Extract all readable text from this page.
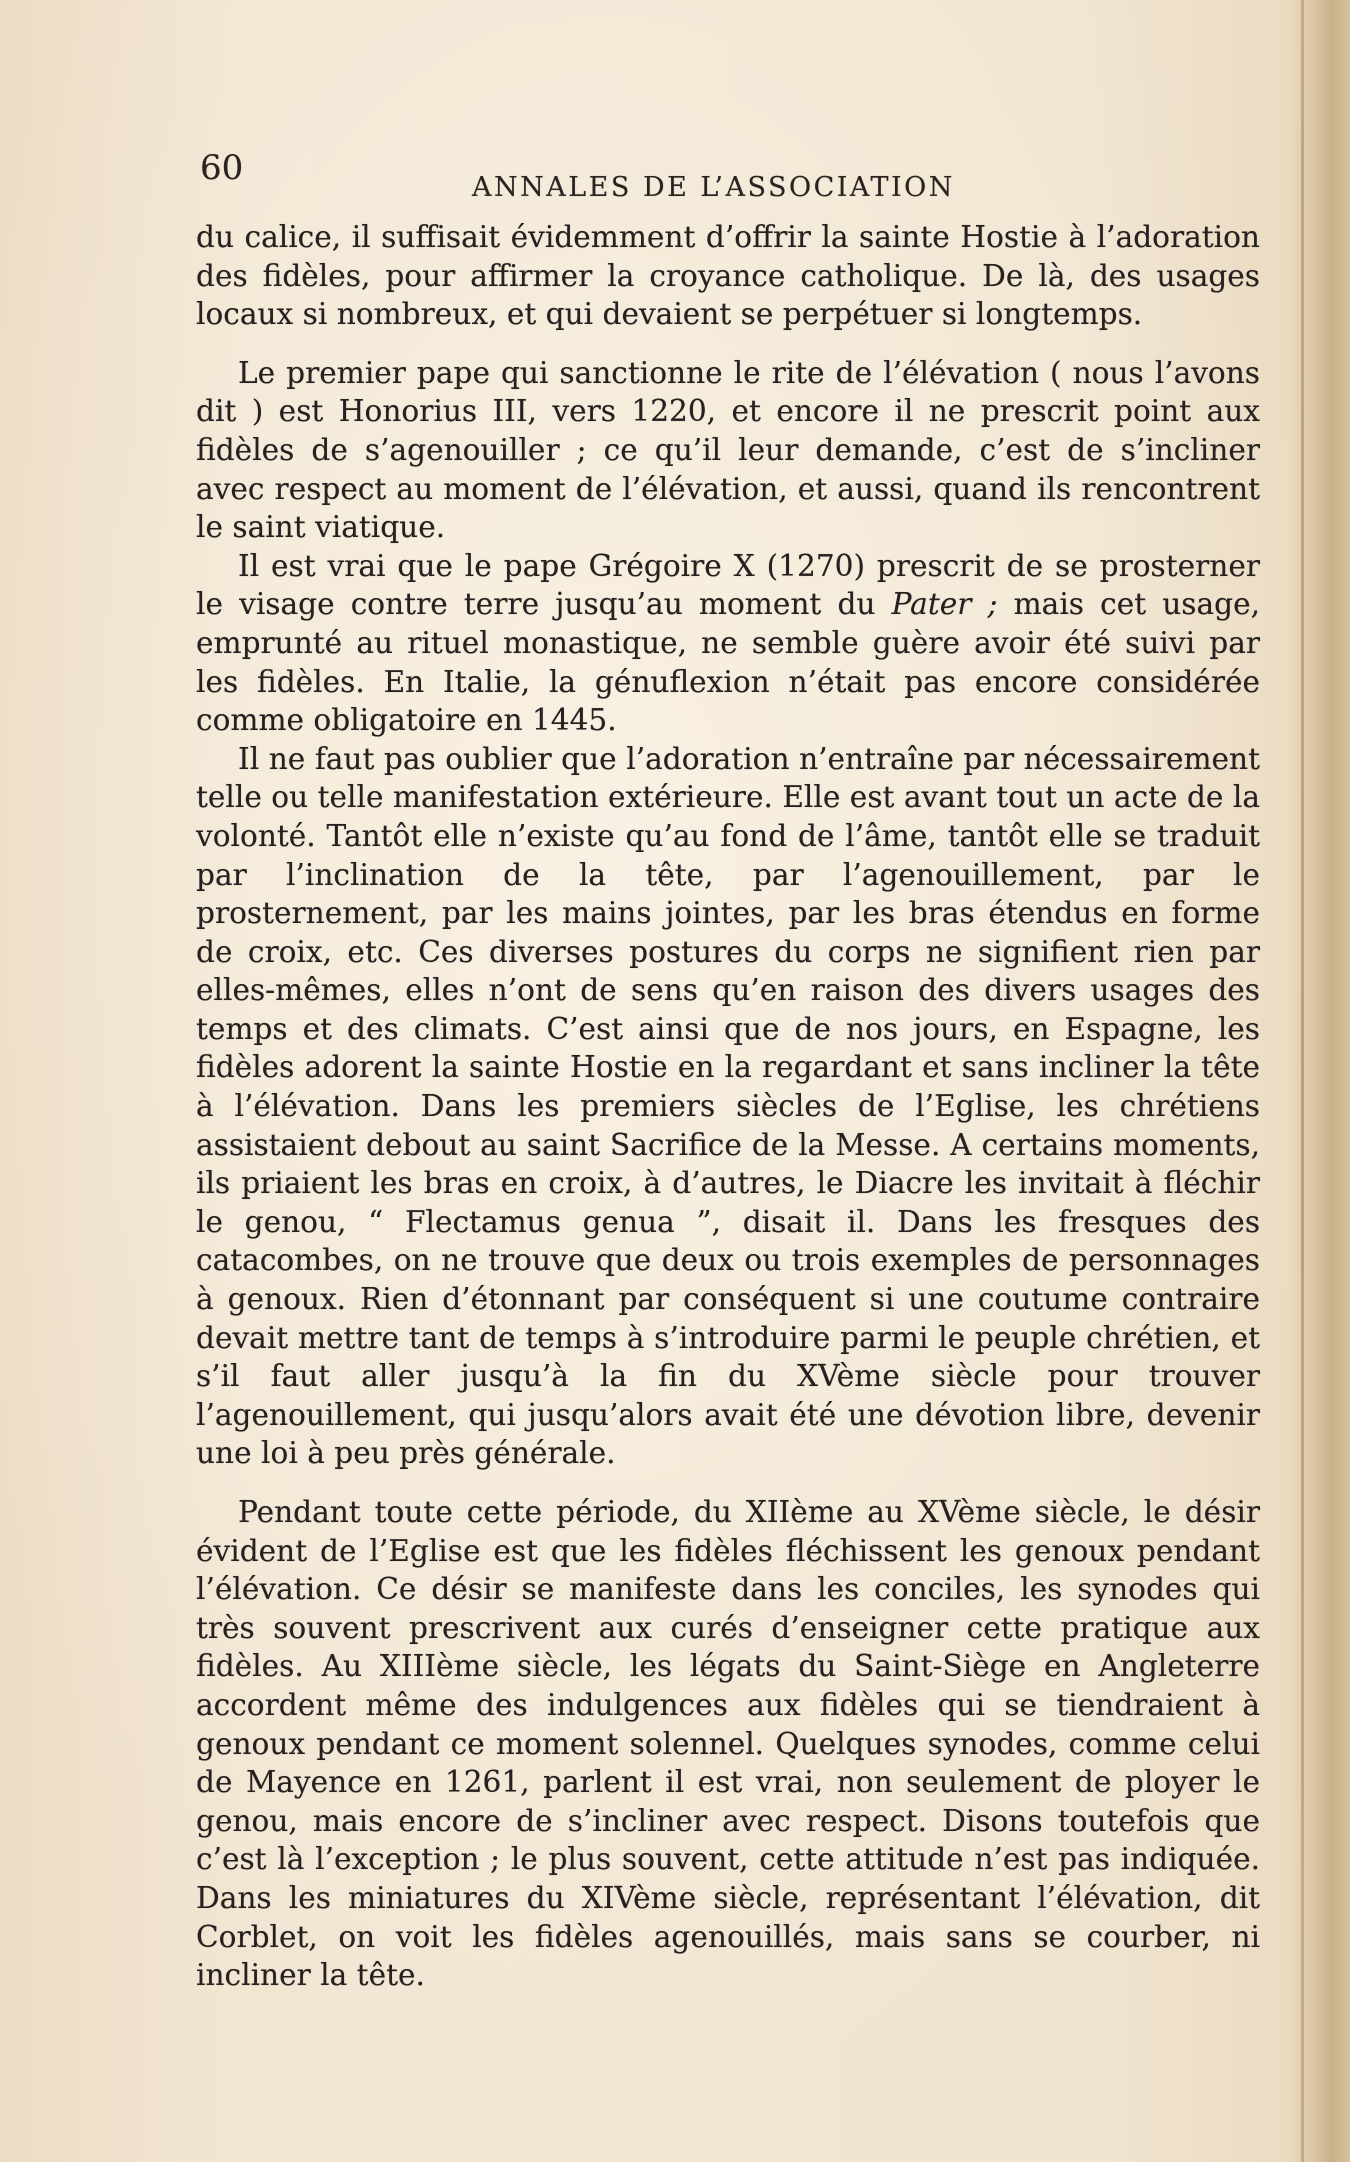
60	ANNALES DE L’ASSOCIATION

du calice, il suffisait évidemment d’offrir la sainte Hostie à l’adoration des fidèles, pour affirmer la croyance catholique. De là, des usages locaux si nombreux, et qui devaient se perpétuer si longtemps.

Le premier pape qui sanctionne le rite de l’élévation ( nous l’avons dit ) est Honorius III, vers 1220, et encore il ne prescrit point aux fidèles de s’agenouiller ; ce qu’il leur demande, c’est de s’incliner avec respect au moment de l’élévation, et aussi, quand ils rencontrent le saint viatique.

Il est vrai que le pape Grégoire X (1270) prescrit de se prosterner le visage contre terre jusqu’au moment du Pater ; mais cet usage, emprunté au rituel monastique, ne semble guère avoir été suivi par les fidèles. En Italie, la génuflexion n’était pas encore considérée comme obligatoire en 1445.

Il ne faut pas oublier que l’adoration n’entraîne par nécessairement telle ou telle manifestation extérieure. Elle est avant tout un acte de la volonté. Tantôt elle n’existe qu’au fond de l’âme, tantôt elle se traduit par l’inclination de la tête, par l’agenouillement, par le prosternement, par les mains jointes, par les bras étendus en forme de croix, etc. Ces diverses postures du corps ne signifient rien par elles-mêmes, elles n’ont de sens qu’en raison des divers usages des temps et des climats. C’est ainsi que de nos jours, en Espagne, les fidèles adorent la sainte Hostie en la regardant et sans incliner la tête à l’élévation. Dans les premiers siècles de l’Eglise, les chrétiens assistaient debout au saint Sacrifice de la Messe. A certains moments, ils priaient les bras en croix, à d’autres, le Diacre les invitait à fléchir le genou, “ Flectamus genua ”, disait il. Dans les fresques des catacombes, on ne trouve que deux ou trois exemples de personnages à genoux. Rien d’étonnant par conséquent si une coutume contraire devait mettre tant de temps à s’introduire parmi le peuple chrétien, et s’il faut aller jusqu’à la fin du XVème siècle pour trouver l’agenouillement, qui jusqu’alors avait été une dévotion libre, devenir une loi à peu près générale.

Pendant toute cette période, du XIIème au XVème siècle, le désir évident de l’Eglise est que les fidèles fléchissent les genoux pendant l’élévation. Ce désir se manifeste dans les conciles, les synodes qui très souvent prescrivent aux curés d’enseigner cette pratique aux fidèles. Au XIIIème siècle, les légats du Saint-Siège en Angleterre accordent même des indulgences aux fidèles qui se tiendraient à genoux pendant ce moment solennel. Quelques synodes, comme celui de Mayence en 1261, parlent il est vrai, non seulement de ployer le genou, mais encore de s’incliner avec respect. Disons toutefois que c’est là l’exception ; le plus souvent, cette attitude n’est pas indiquée. Dans les miniatures du XIVème siècle, représentant l’élévation, dit Corblet, on voit les fidèles agenouillés, mais sans se courber, ni incliner la tête.
